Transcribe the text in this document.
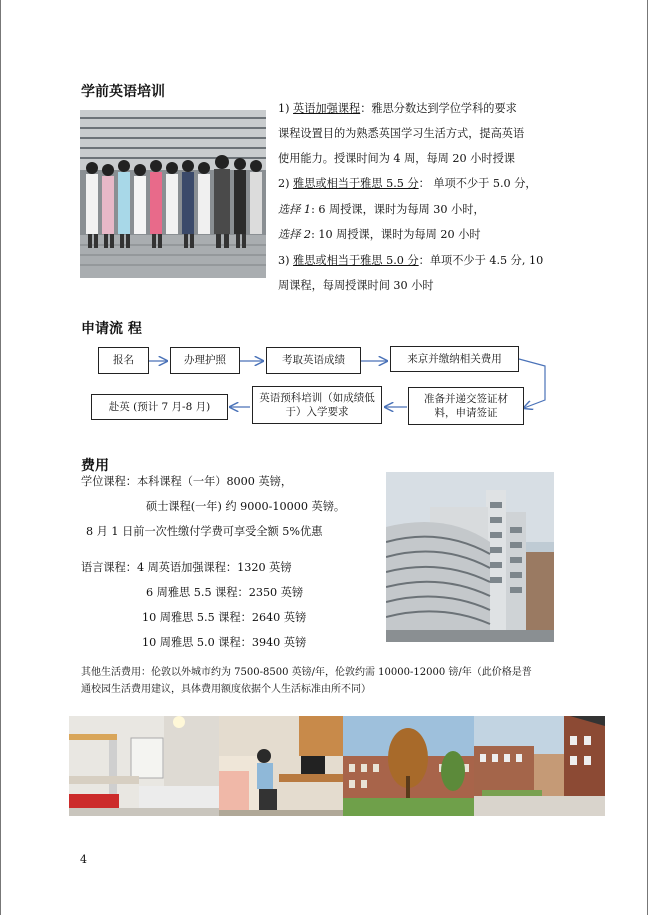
学前英语培训
1) 英语加强课程：雅思分数达到学位学科的要求
课程设置目的为熟悉英国学习生活方式，提高英语
使用能力。授课时间为 4 周，每周 20 小时授课
2) 雅思或相当于雅思 5.5 分： 单项不少于 5.0 分，
选择 1: 6 周授课，课时为每周 30 小时，
选择 2: 10 周授课，课时为每周 20 小时
3) 雅思或相当于雅思 5.0 分：单项不少于 4.5 分, 10
周课程，每周授课时间 30 小时
申请流 程
报名	办理护照	考取英语成绩	来京并缴纳相关费用
准备并递交签证材料，申请签证
英语预科培训（如成绩低于）入学要求
赴英 (预计 7 月-8 月)
费用
学位课程：本科课程（一年）8000 英镑，
硕士课程(一年) 约 9000-10000 英镑。
8 月 1 日前一次性缴付学费可享受全额 5%优惠
语言课程：4 周英语加强课程：1320 英镑
6 周雅思 5.5 课程：2350 英镑
10 周雅思 5.5 课程：2640 英镑
10 周雅思 5.0 课程：3940 英镑
其他生活费用：伦敦以外城市约为 7500-8500 英镑/年，伦敦约需 10000-12000 镑/年（此价格是普
通校园生活费用建议，具体费用额度依据个人生活标准由所不同）
4
